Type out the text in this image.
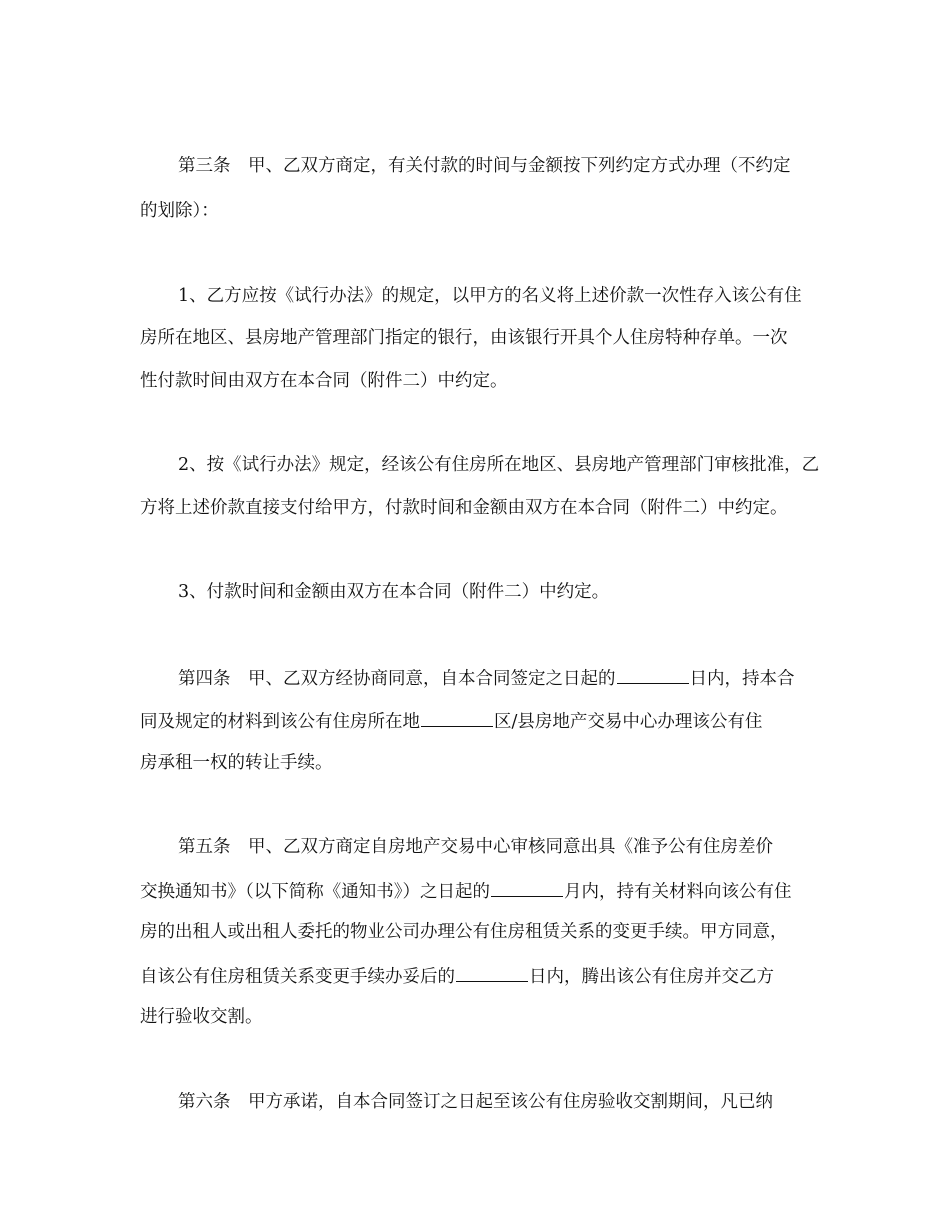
第三条　甲、乙双方商定，有关付款的时间与金额按下列约定方式办理（不约定
的划除）：
1、乙方应按《试行办法》的规定，以甲方的名义将上述价款一次性存入该公有住
房所在地区、县房地产管理部门指定的银行，由该银行开具个人住房特种存单。一次
性付款时间由双方在本合同（附件二）中约定。
2、按《试行办法》规定，经该公有住房所在地区、县房地产管理部门审核批准，乙
方将上述价款直接支付给甲方，付款时间和金额由双方在本合同（附件二）中约定。
3、付款时间和金额由双方在本合同（附件二）中约定。
第四条　甲、乙双方经协商同意，自本合同签定之日起的	日内，持本合
同及规定的材料到该公有住房所在地	区/县房地产交易中心办理该公有住
房承租一权的转让手续。
第五条　甲、乙双方商定自房地产交易中心审核同意出具《准予公有住房差价
交换通知书》（以下简称《通知书》）之日起的	月内，持有关材料向该公有住
房的出租人或出租人委托的物业公司办理公有住房租赁关系的变更手续。甲方同意，
自该公有住房租赁关系变更手续办妥后的	日内，腾出该公有住房并交乙方
进行验收交割。
第六条　甲方承诺，自本合同签订之日起至该公有住房验收交割期间，凡已纳
